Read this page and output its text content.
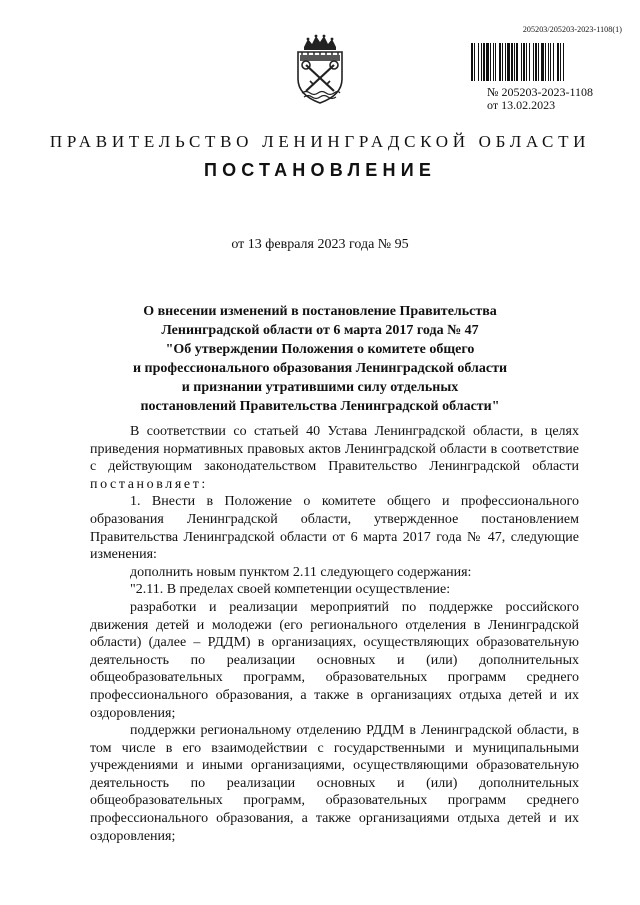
205203/205203-2023-1108(1)
№ 205203-2023-1108
от 13.02.2023
ПРАВИТЕЛЬСТВО ЛЕНИНГРАДСКОЙ ОБЛАСТИ
ПОСТАНОВЛЕНИЕ
от 13 февраля 2023 года № 95
О внесении изменений в постановление Правительства
Ленинградской области от 6 марта 2017 года № 47
"Об утверждении Положения о комитете общего
и профессионального образования Ленинградской области
и признании утратившими силу отдельных
постановлений Правительства Ленинградской области"

В соответствии со статьей 40 Устава Ленинградской области, в целях приведения нормативных правовых актов Ленинградской области в соответствие с действующим законодательством Правительство Ленинградской области постановляет:

1. Внести в Положение о комитете общего и профессионального образования Ленинградской области, утвержденное постановлением Правительства Ленинградской области от 6 марта 2017 года № 47, следующие изменения:

дополнить новым пунктом 2.11 следующего содержания:

"2.11. В пределах своей компетенции осуществление:

разработки и реализации мероприятий по поддержке российского движения детей и молодежи (его регионального отделения в Ленинградской области) (далее – РДДМ) в организациях, осуществляющих образовательную деятельность по реализации основных и (или) дополнительных общеобразовательных программ, образовательных программ среднего профессионального образования, а также в организациях отдыха детей и их оздоровления;

поддержки региональному отделению РДДМ в Ленинградской области, в том числе в его взаимодействии с государственными и муниципальными учреждениями и иными организациями, осуществляющими образовательную деятельность по реализации основных и (или) дополнительных общеобразовательных программ, образовательных программ среднего профессионального образования, а также организациями отдыха детей и их оздоровления;
